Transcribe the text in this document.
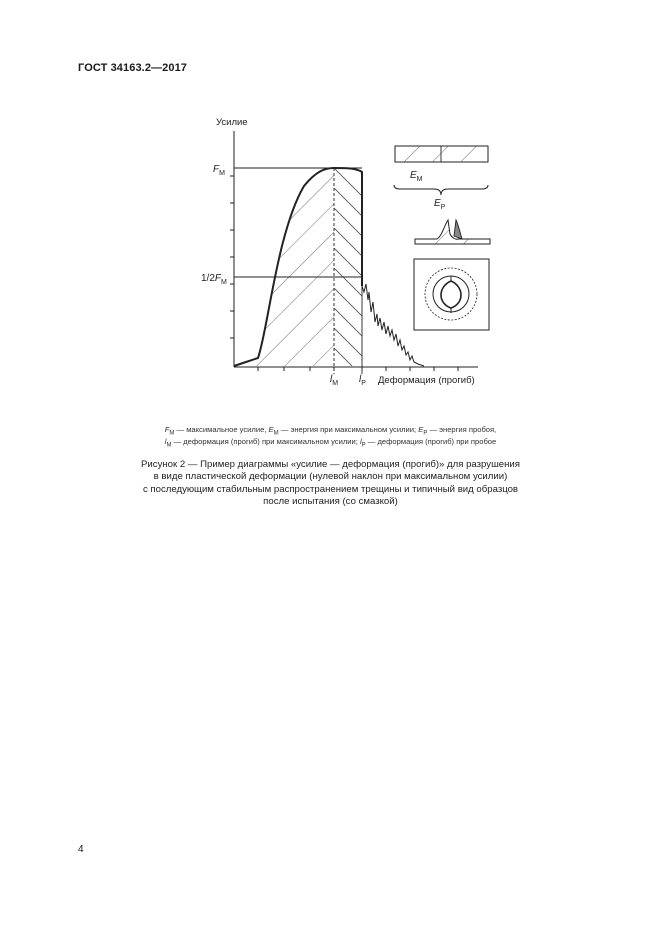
ГОСТ 34163.2—2017
Усилие
Деформация (прогиб)
$F_M$
$1/2F_M$
$l_M$ $l_P$
$E_M$
$E_P$
$F_M$ — максимальное усилие, $E_M$ — энергия при максимальном усилии; $E_P$ — энергия пробоя,
$l_M$ — деформация (прогиб) при максимальном усилии; $l_P$ — деформация (прогиб) при пробое
Рисунок 2 — Пример диаграммы «усилие — деформация (прогиб)» для разрушения
в виде пластической деформации (нулевой наклон при максимальном усилии)
с последующим стабильным распространением трещины и типичный вид образцов
после испытания (со смазкой)
4
